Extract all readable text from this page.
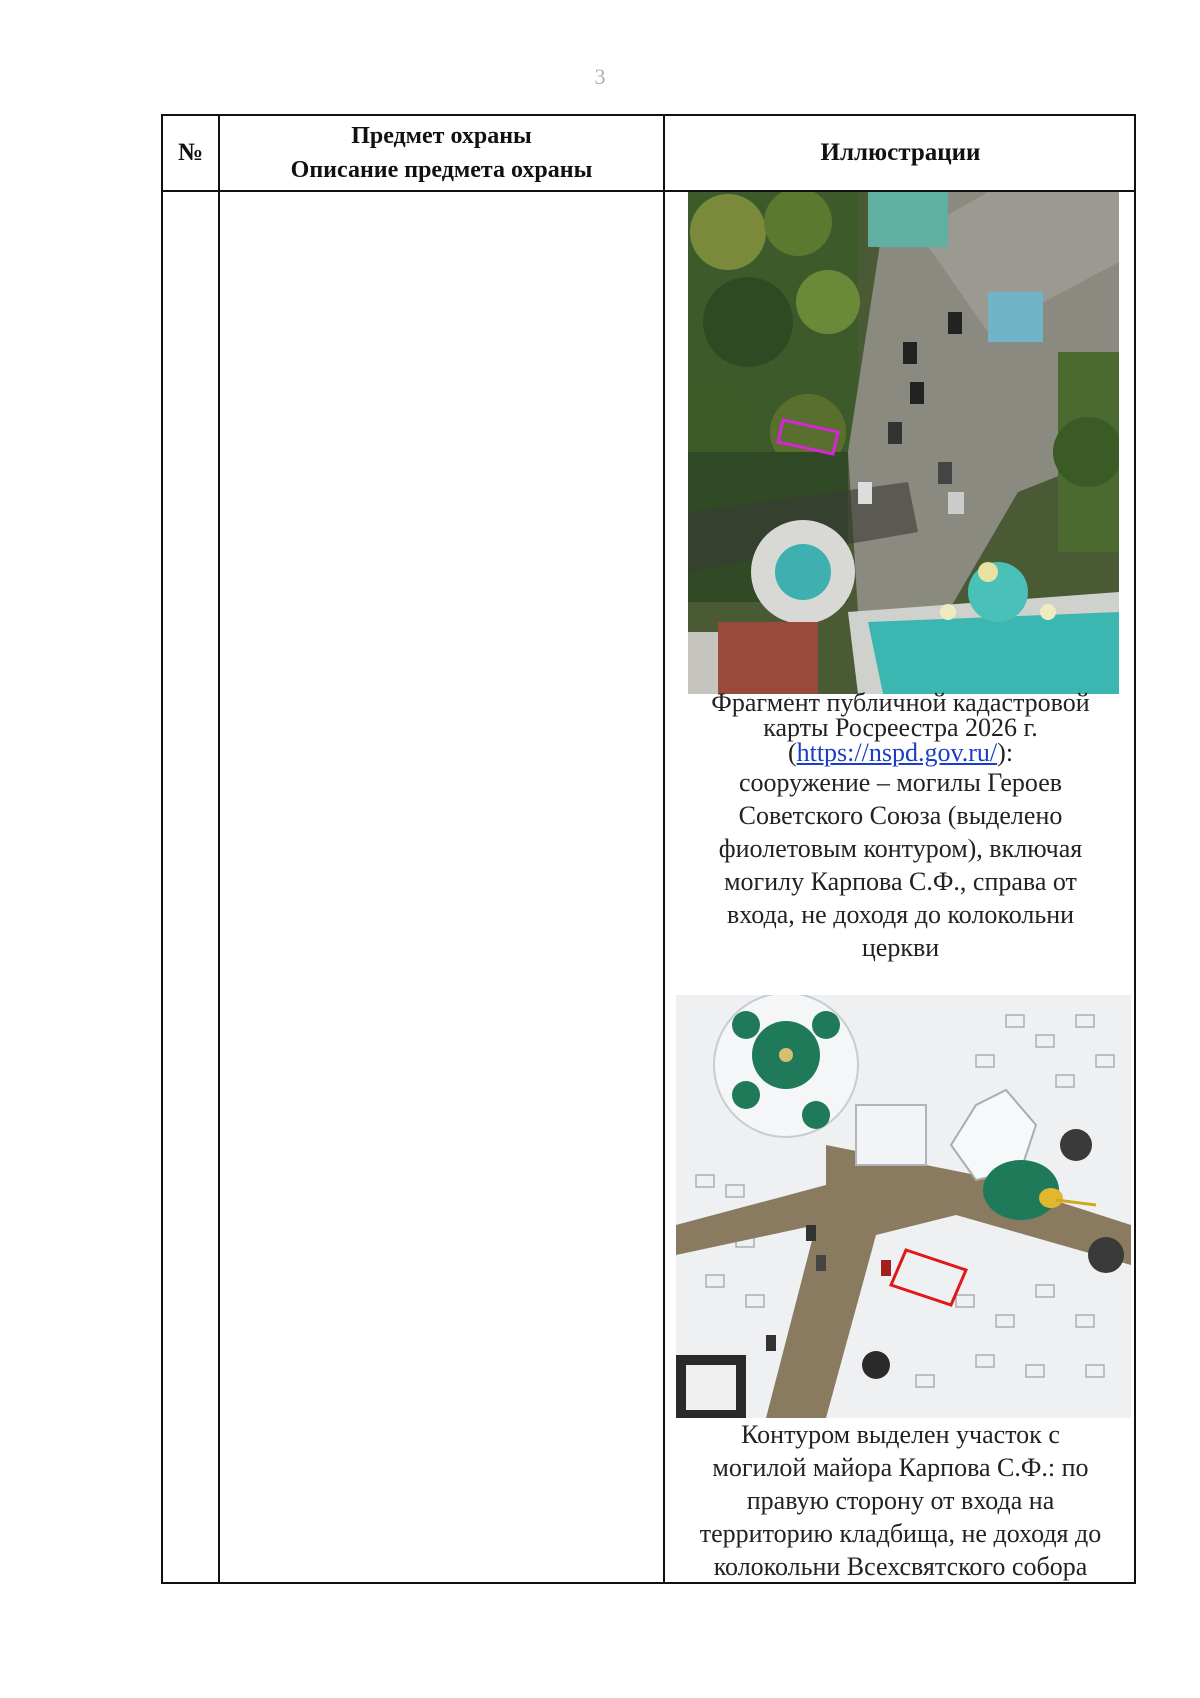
3
№
Предмет охраны
Описание предмета охраны
Иллюстрации
Фрагмент публичной кадастровой
карты Росреестра 2026 г.
(https://nspd.gov.ru/):
сооружение – могилы Героев
Советского Союза (выделено
фиолетовым контуром), включая
могилу Карпова С.Ф., справа от
входа, не доходя до колокольни
церкви
Контуром выделен участок с
могилой майора Карпова С.Ф.: по
правую сторону от входа на
территорию кладбища, не доходя до
колокольни Всехсвятского собора
